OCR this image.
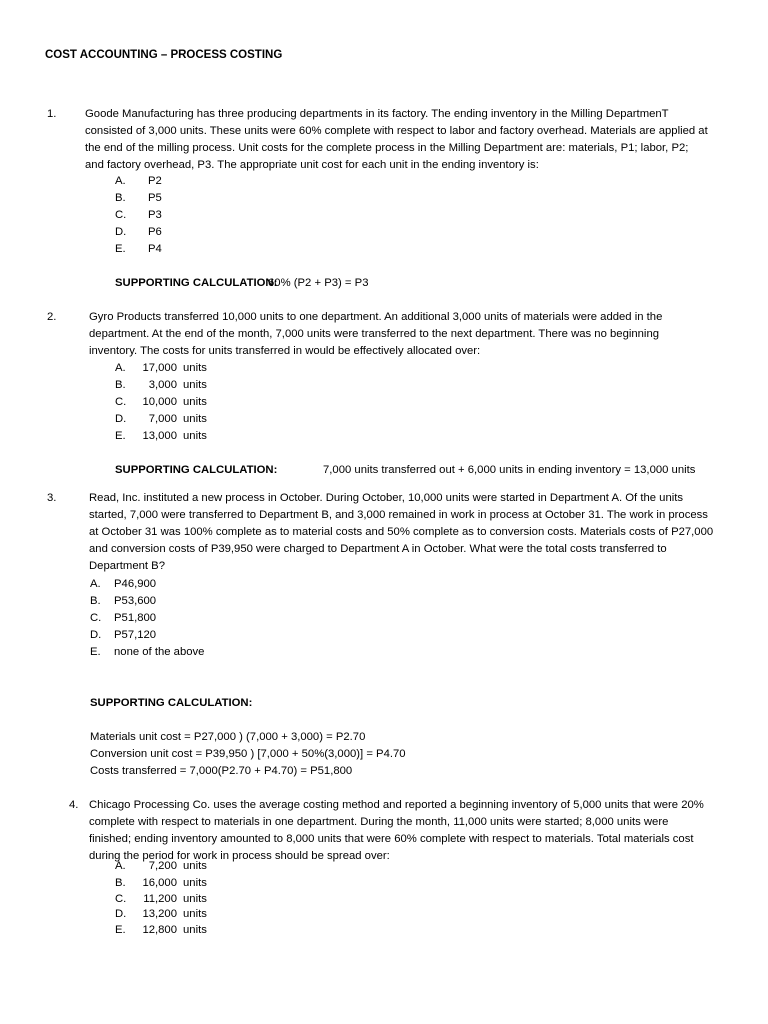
COST ACCOUNTING – PROCESS COSTING
1.	Goode Manufacturing has three producing departments in its factory. The ending inventory in the Milling DepartmenT
consisted of 3,000 units. These units were 60% complete with respect to labor and factory overhead. Materials are applied at
the end of the milling process. Unit costs for the complete process in the Milling Department are: materials, P1; labor, P2;
and factory overhead, P3. The appropriate unit cost for each unit in the ending inventory is:
A. P2
B. P5
C. P3
D. P6
E. P4
SUPPORTING CALCULATION:
60% (P2 + P3) = P3
2.	Gyro Products transferred 10,000 units to one department. An additional 3,000 units of materials were added in the
department. At the end of the month, 7,000 units were transferred to the next department. There was no beginning
inventory. The costs for units transferred in would be effectively allocated over:
A. 17,000 units
B. 3,000 units
C. 10,000 units
D. 7,000 units
E. 13,000 units
SUPPORTING CALCULATION:	7,000 units transferred out + 6,000 units in ending inventory = 13,000 units
3.	Read, Inc. instituted a new process in October. During October, 10,000 units were started in Department A. Of the units
started, 7,000 were transferred to Department B, and 3,000 remained in work in process at October 31. The work in process
at October 31 was 100% complete as to material costs and 50% complete as to conversion costs. Materials costs of P27,000
and conversion costs of P39,950 were charged to Department A in October. What were the total costs transferred to
Department B?
A. P46,900
B. P53,600
C. P51,800
D. P57,120
E. none of the above
SUPPORTING CALCULATION:
Materials unit cost = P27,000 ) (7,000 + 3,000) = P2.70
Conversion unit cost = P39,950 ) [7,000 + 50%(3,000)] = P4.70
Costs transferred = 7,000(P2.70 + P4.70) = P51,800
4. Chicago Processing Co. uses the average costing method and reported a beginning inventory of 5,000 units that were 20%
complete with respect to materials in one department. During the month, 11,000 units were started; 8,000 units were
finished; ending inventory amounted to 8,000 units that were 60% complete with respect to materials. Total materials cost
during the period for work in process should be spread over:
A. 7,200 units
B. 16,000 units
C. 11,200 units
D. 13,200 units
E. 12,800 units
